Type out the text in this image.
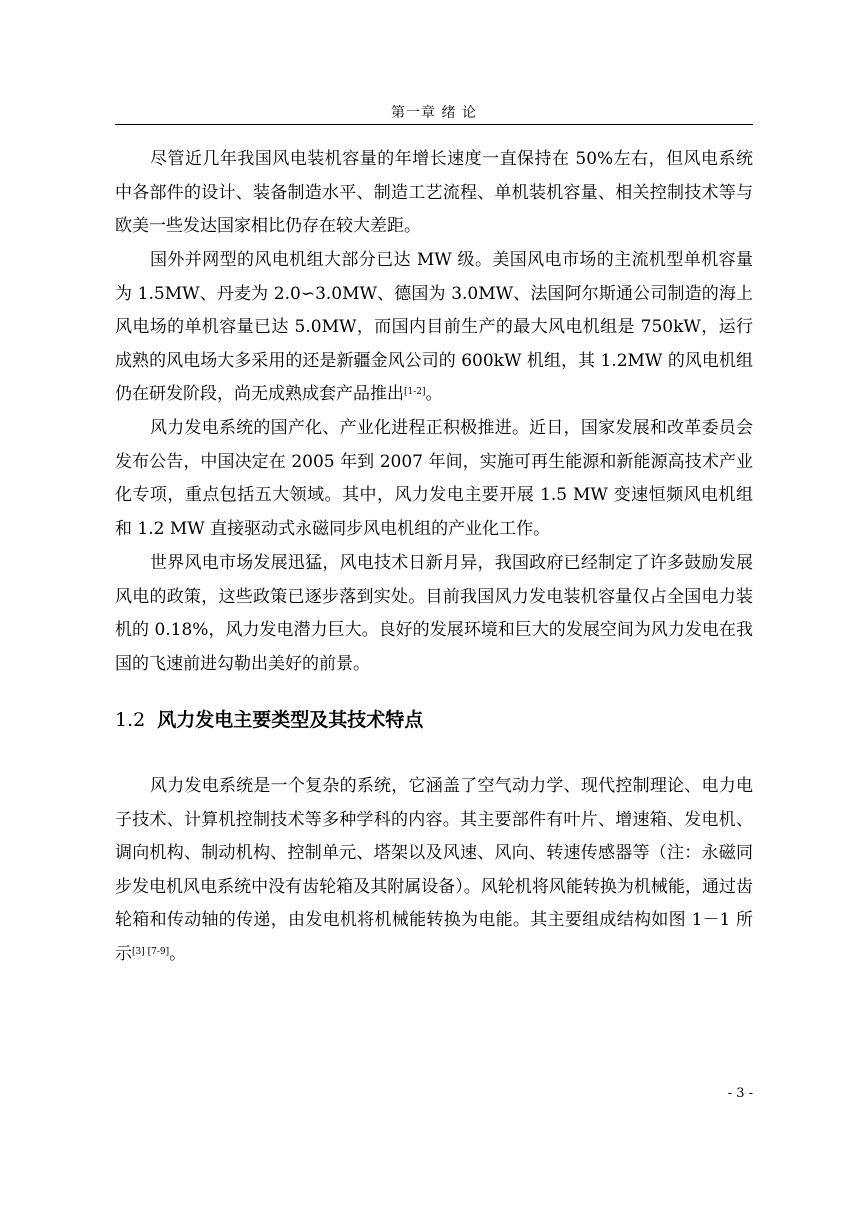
第一章 绪 论

尽管近几年我国风电装机容量的年增长速度一直保持在 50%左右，但风电系统中各部件的设计、装备制造水平、制造工艺流程、单机装机容量、相关控制技术等与欧美一些发达国家相比仍存在较大差距。

国外并网型的风电机组大部分已达 MW 级。美国风电市场的主流机型单机容量为 1.5MW、丹麦为 2.0∽3.0MW、德国为 3.0MW、法国阿尔斯通公司制造的海上风电场的单机容量已达 5.0MW，而国内目前生产的最大风电机组是 750kW，运行成熟的风电场大多采用的还是新疆金风公司的 600kW 机组，其 1.2MW 的风电机组仍在研发阶段，尚无成熟成套产品推出[1-2]。

风力发电系统的国产化、产业化进程正积极推进。近日，国家发展和改革委员会发布公告，中国决定在 2005 年到 2007 年间，实施可再生能源和新能源高技术产业化专项，重点包括五大领域。其中，风力发电主要开展 1.5 MW 变速恒频风电机组和 1.2 MW 直接驱动式永磁同步风电机组的产业化工作。

世界风电市场发展迅猛，风电技术日新月异，我国政府已经制定了许多鼓励发展风电的政策，这些政策已逐步落到实处。目前我国风力发电装机容量仅占全国电力装机的 0.18%，风力发电潜力巨大。良好的发展环境和巨大的发展空间为风力发电在我国的飞速前进勾勒出美好的前景。

1.2 风力发电主要类型及其技术特点

风力发电系统是一个复杂的系统，它涵盖了空气动力学、现代控制理论、电力电子技术、计算机控制技术等多种学科的内容。其主要部件有叶片、增速箱、发电机、调向机构、制动机构、控制单元、塔架以及风速、风向、转速传感器等（注：永磁同步发电机风电系统中没有齿轮箱及其附属设备）。风轮机将风能转换为机械能，通过齿轮箱和传动轴的传递，由发电机将机械能转换为电能。其主要组成结构如图 1－1 所示[3] [7-9]。

- 3 -
